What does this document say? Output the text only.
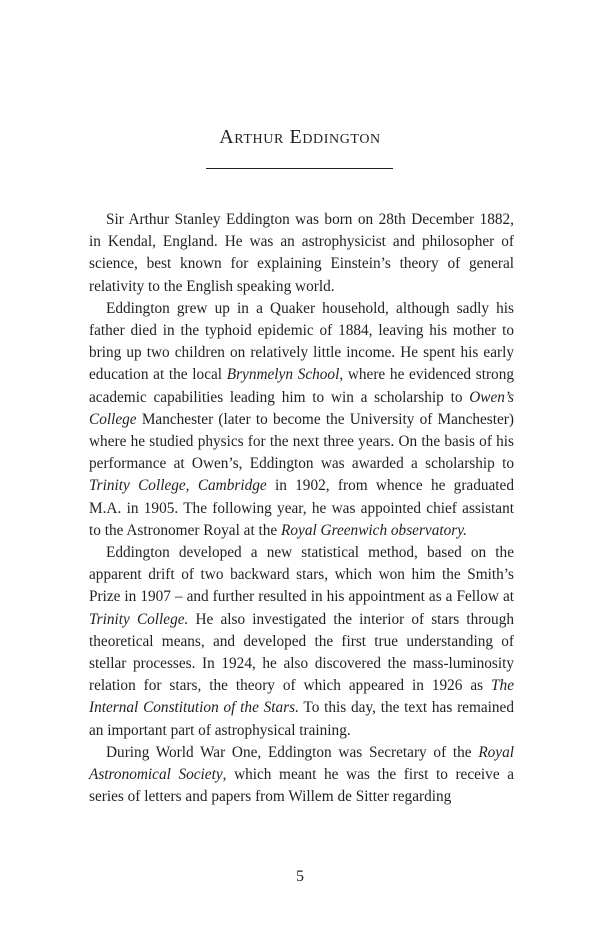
Arthur Eddington

Sir Arthur Stanley Eddington was born on 28th December 1882, in Kendal, England. He was an astrophysicist and philosopher of science, best known for explaining Einstein’s theory of general relativity to the English speaking world.

Eddington grew up in a Quaker household, although sadly his father died in the typhoid epidemic of 1884, leaving his mother to bring up two children on relatively little income. He spent his early education at the local Brynmelyn School, where he evidenced strong academic capabilities leading him to win a scholarship to Owen’s College Manchester (later to become the University of Manchester) where he studied physics for the next three years. On the basis of his performance at Owen’s, Eddington was awarded a scholarship to Trinity College, Cambridge in 1902, from whence he graduated M.A. in 1905. The following year, he was appointed chief assistant to the Astronomer Royal at the Royal Greenwich observatory.

Eddington developed a new statistical method, based on the apparent drift of two backward stars, which won him the Smith’s Prize in 1907 – and further resulted in his appointment as a Fellow at Trinity College. He also investigated the interior of stars through theoretical means, and developed the first true understanding of stellar processes. In 1924, he also discovered the mass-luminosity relation for stars, the theory of which appeared in 1926 as The Internal Constitution of the Stars. To this day, the text has remained an important part of astrophysical training.

During World War One, Eddington was Secretary of the Royal Astronomical Society, which meant he was the first to receive a series of letters and papers from Willem de Sitter regarding

5
